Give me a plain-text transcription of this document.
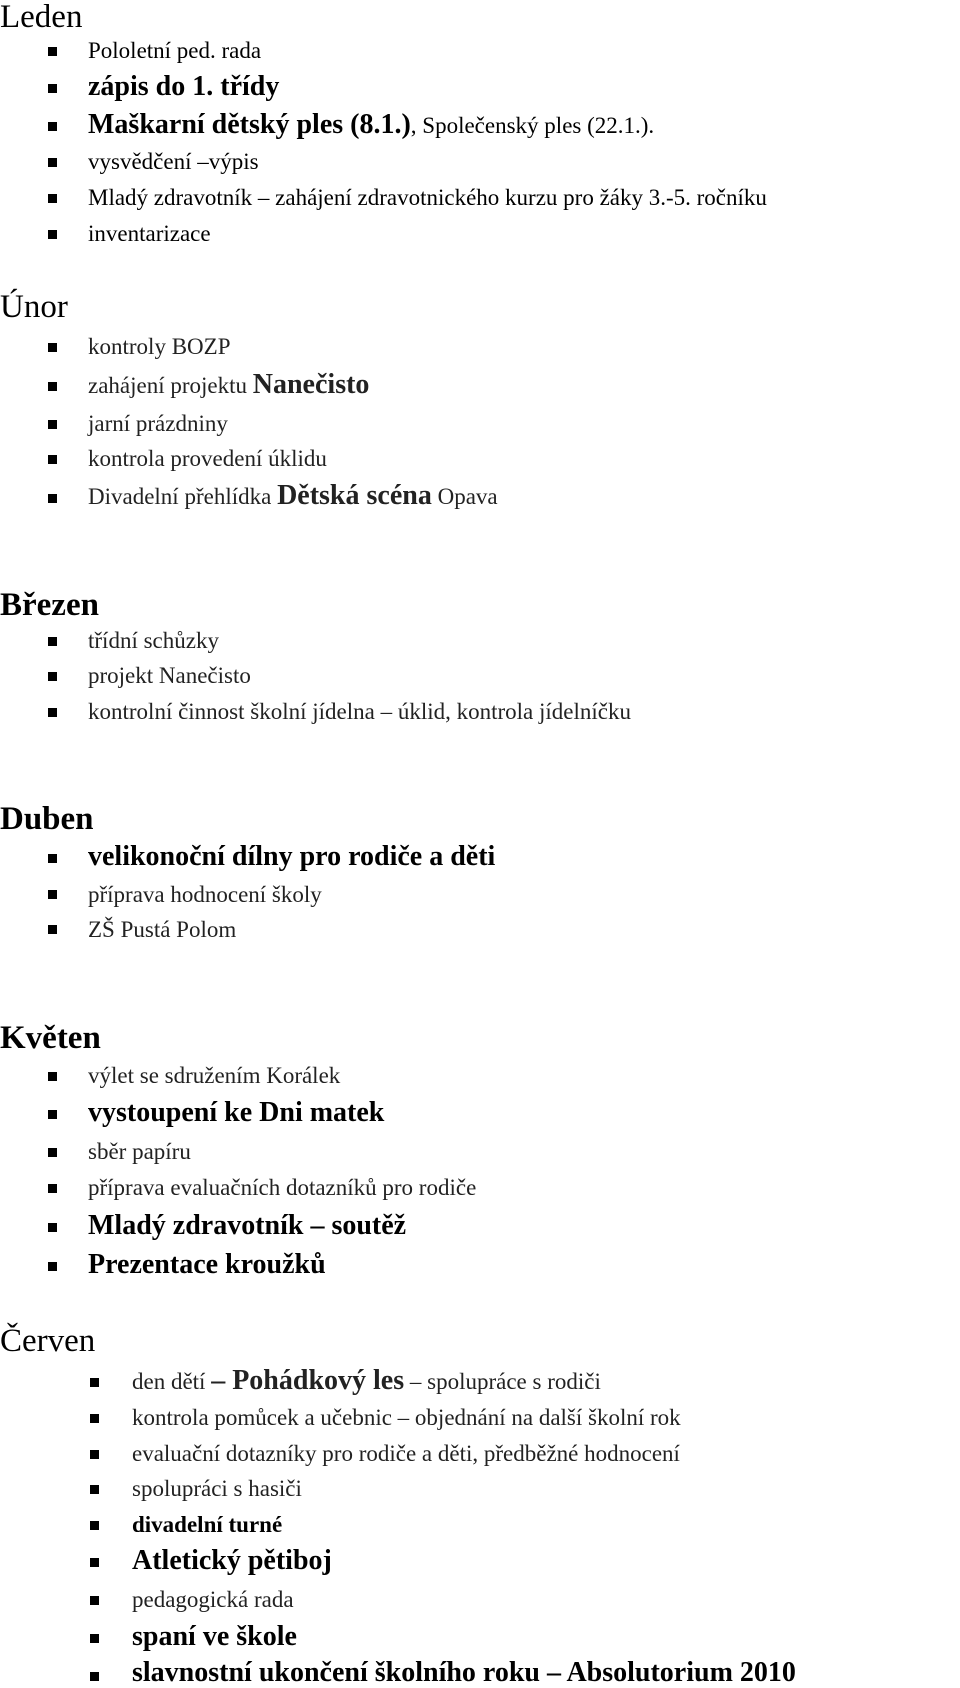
Leden
Pololetní ped. rada
zápis do 1. třídy
Maškarní dětský ples (8.1.), Společenský ples (22.1.).
vysvědčení –výpis
Mladý zdravotník – zahájení zdravotnického kurzu pro žáky 3.-5. ročníku
inventarizace
Únor
kontroly BOZP
zahájení projektu Nanečisto
jarní prázdniny
kontrola provedení úklidu
Divadelní přehlídka Dětská scéna Opava
Březen
třídní schůzky
projekt Nanečisto
kontrolní činnost školní jídelna – úklid, kontrola jídelníčku
Duben
velikonoční dílny pro rodiče a děti
příprava hodnocení školy
ZŠ Pustá Polom
Květen
výlet se sdružením Korálek
vystoupení ke Dni matek
sběr papíru
příprava evaluačních dotazníků pro rodiče
Mladý zdravotník – soutěž
Prezentace kroužků
Červen
den dětí – Pohádkový les – spolupráce s rodiči
kontrola pomůcek a učebnic – objednání na další školní rok
evaluační dotazníky pro rodiče a děti, předběžné hodnocení
spolupráci s hasiči
divadelní turné
Atletický pětiboj
pedagogická rada
spaní ve škole
slavnostní ukončení školního roku – Absolutorium 2010
